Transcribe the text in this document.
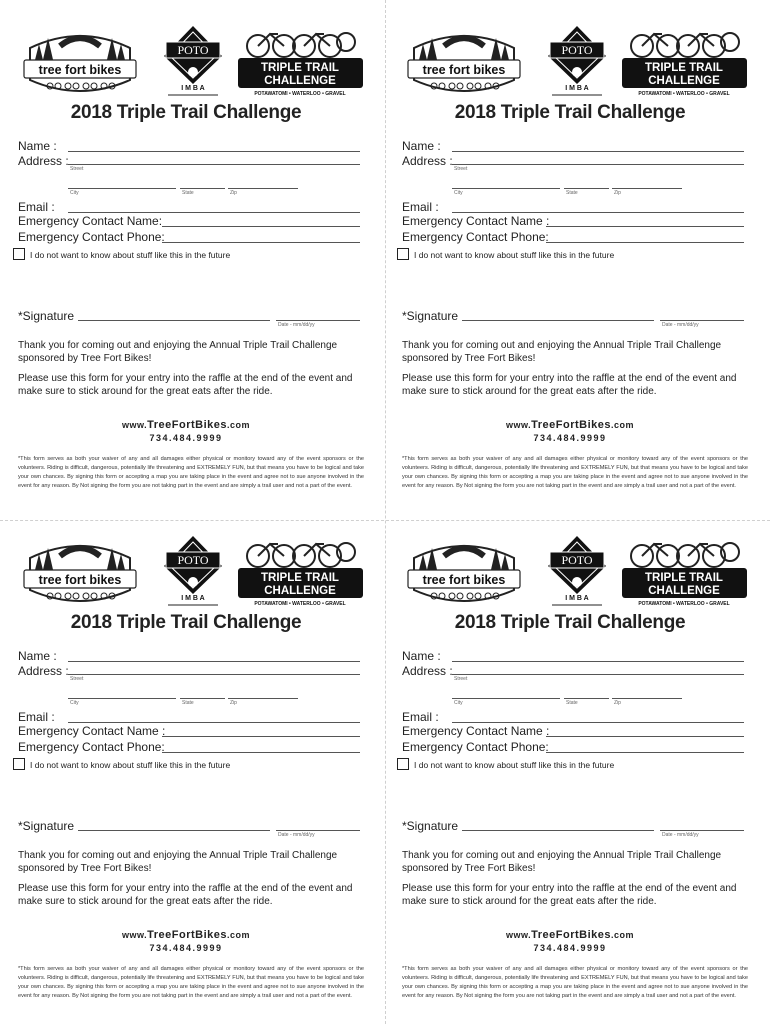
tree fort bikes
POTO
I M B A
TRIPLE TRAIL
CHALLENGE
POTAWATOMI • WATERLOO • GRAVEL
2018 Triple Trail Challenge
Name :
Address :
Street
City	State	Zip
Email :
Emergency Contact Name:
Emergency Contact Phone:
I do not want to know about stuff like this in the future
*Signature
Date - mm/dd/yy
Thank you for coming out and enjoying the Annual Triple Trail Challenge sponsored by Tree Fort Bikes!
Please use this form for your entry into the raffle at the end of the event and make sure to stick around for the great eats after the ride.
www.TreeFortBikes.com
734.484.9999
*This form serves as both your waiver of any and all damages either physical or monitory toward any of the event sponsors or the volunteers. Riding is difficult, dangerous, potentially life threatening and EXTREMELY FUN, but that means you have to be logical and take your own chances. By signing this form or accepting a map you are taking place in the event and agree not to sue anyone involved in the event for any reason. By Not signing the form you are not taking part in the event and are simply a trail user and not a part of the event.
tree fort bikes
POTO
I M B A
TRIPLE TRAIL
CHALLENGE
POTAWATOMI • WATERLOO • GRAVEL
2018 Triple Trail Challenge
Name :
Address :
Street
City	State	Zip
Email :
Emergency Contact Name :
Emergency Contact Phone:
I do not want to know about stuff like this in the future
*Signature
Date - mm/dd/yy
Thank you for coming out and enjoying the Annual Triple Trail Challenge sponsored by Tree Fort Bikes!
Please use this form for your entry into the raffle at the end of the event and make sure to stick around for the great eats after the ride.
www.TreeFortBikes.com
734.484.9999
*This form serves as both your waiver of any and all damages either physical or monitory toward any of the event sponsors or the volunteers. Riding is difficult, dangerous, potentially life threatening and EXTREMELY FUN, but that means you have to be logical and take your own chances. By signing this form or accepting a map you are taking place in the event and agree not to sue anyone involved in the event for any reason. By Not signing the form you are not taking part in the event and are simply a trail user and not a part of the event.
tree fort bikes
POTO
I M B A
TRIPLE TRAIL
CHALLENGE
POTAWATOMI • WATERLOO • GRAVEL
2018 Triple Trail Challenge
Name :
Address :
Street
City	State	Zip
Email :
Emergency Contact Name :
Emergency Contact Phone:
I do not want to know about stuff like this in the future
*Signature
Date - mm/dd/yy
Thank you for coming out and enjoying the Annual Triple Trail Challenge sponsored by Tree Fort Bikes!
Please use this form for your entry into the raffle at the end of the event and make sure to stick around for the great eats after the ride.
www.TreeFortBikes.com
734.484.9999
*This form serves as both your waiver of any and all damages either physical or monitory toward any of the event sponsors or the volunteers. Riding is difficult, dangerous, potentially life threatening and EXTREMELY FUN, but that means you have to be logical and take your own chances. By signing this form or accepting a map you are taking place in the event and agree not to sue anyone involved in the event for any reason. By Not signing the form you are not taking part in the event and are simply a trail user and not a part of the event.
tree fort bikes
POTO
I M B A
TRIPLE TRAIL
CHALLENGE
POTAWATOMI • WATERLOO • GRAVEL
2018 Triple Trail Challenge
Name :
Address :
Street
City	State	Zip
Email :
Emergency Contact Name :
Emergency Contact Phone:
I do not want to know about stuff like this in the future
*Signature
Date - mm/dd/yy
Thank you for coming out and enjoying the Annual Triple Trail Challenge sponsored by Tree Fort Bikes!
Please use this form for your entry into the raffle at the end of the event and make sure to stick around for the great eats after the ride.
www.TreeFortBikes.com
734.484.9999
*This form serves as both your waiver of any and all damages either physical or monitory toward any of the event sponsors or the volunteers. Riding is difficult, dangerous, potentially life threatening and EXTREMELY FUN, but that means you have to be logical and take your own chances. By signing this form or accepting a map you are taking place in the event and agree not to sue anyone involved in the event for any reason. By Not signing the form you are not taking part in the event and are simply a trail user and not a part of the event.
